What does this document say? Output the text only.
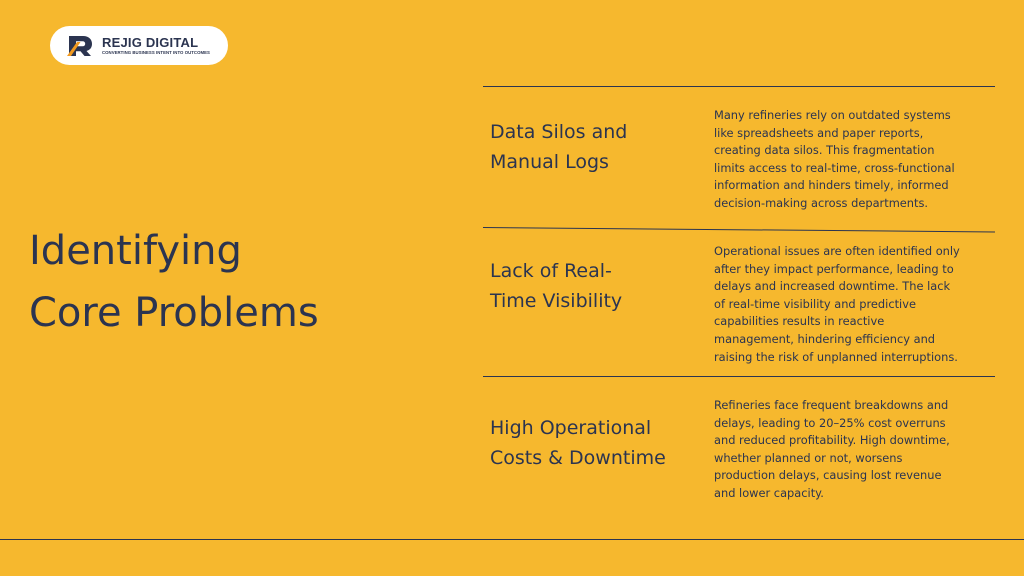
REJIG DIGITAL
CONVERTING BUSINESS INTENT INTO OUTCOMES
Identifying
Core Problems
Data Silos and
Manual Logs

Many refineries rely on outdated systems
like spreadsheets and paper reports,
creating data silos. This fragmentation
limits access to real-time, cross-functional
information and hinders timely, informed
decision-making across departments.

Lack of Real-
Time Visibility

Operational issues are often identified only
after they impact performance, leading to
delays and increased downtime. The lack
of real-time visibility and predictive
capabilities results in reactive
management, hindering efficiency and
raising the risk of unplanned interruptions.

High Operational
Costs & Downtime

Refineries face frequent breakdowns and
delays, leading to 20–25% cost overruns
and reduced profitability. High downtime,
whether planned or not, worsens
production delays, causing lost revenue
and lower capacity.
